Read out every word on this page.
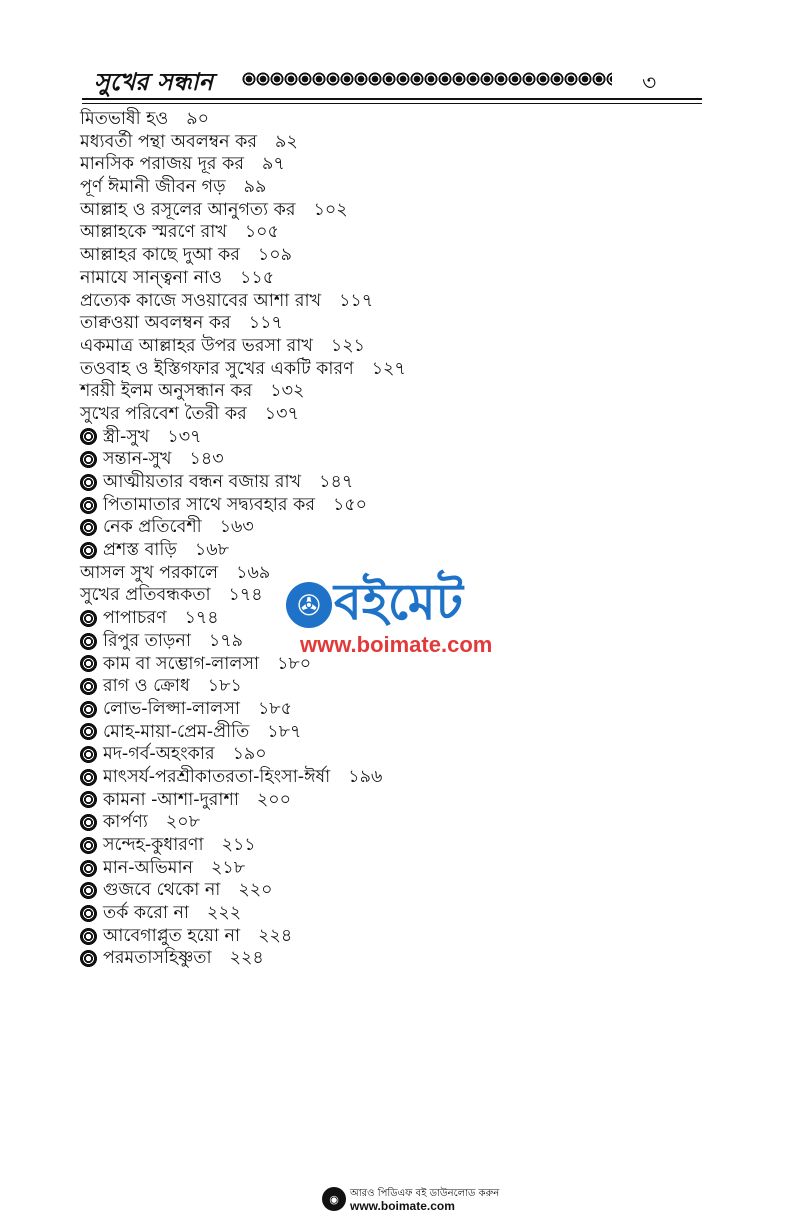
সুখের সন্ধান	৩
মিতভাষী হও ৯০
মধ্যবর্তী পন্থা অবলম্বন কর ৯২
মানসিক পরাজয় দূর কর ৯৭
পূর্ণ ঈমানী জীবন গড় ৯৯
আল্লাহ ও রসূলের আনুগত্য কর ১০২
আল্লাহকে স্মরণে রাখ ১০৫
আল্লাহর কাছে দুআ কর ১০৯
নামাযে সান্ত্বনা নাও ১১৫
প্রত্যেক কাজে সওয়াবের আশা রাখ ১১৭
তাক্বওয়া অবলম্বন কর ১১৭
একমাত্র আল্লাহর উপর ভরসা রাখ ১২১
তওবাহ ও ইস্তিগফার সুখের একটি কারণ ১২৭
শরয়ী ইলম অনুসন্ধান কর ১৩২
সুখের পরিবেশ তৈরী কর ১৩৭
স্ত্রী-সুখ ১৩৭
সন্তান-সুখ ১৪৩
আত্মীয়তার বন্ধন বজায় রাখ ১৪৭
পিতামাতার সাথে সদ্ব্যবহার কর ১৫০
নেক প্রতিবেশী ১৬৩
প্রশস্ত বাড়ি ১৬৮
আসল সুখ পরকালে ১৬৯
সুখের প্রতিবন্ধকতা ১৭৪
পাপাচরণ ১৭৪
রিপুর তাড়না ১৭৯
কাম বা সম্ভোগ-লালসা ১৮০
রাগ ও ক্রোধ ১৮১
লোভ-লিপ্সা-লালসা ১৮৫
মোহ-মায়া-প্রেম-প্রীতি ১৮৭
মদ-গর্ব-অহংকার ১৯০
মাৎসর্য-পরশ্রীকাতরতা-হিংসা-ঈর্ষা ১৯৬
কামনা -আশা-দুরাশা ২০০
কার্পণ্য ২০৮
সন্দেহ-কুধারণা ২১১
মান-অভিমান ২১৮
গুজবে থেকো না ২২০
তর্ক করো না ২২২
আবেগাপ্লুত হয়ো না ২২৪
পরমতাসহিষ্ণুতা ২২৪
✇ বইমেট
www.boimate.com
◉	আরও পিডিএফ বই ডাউনলোড করুন
www.boimate.com
